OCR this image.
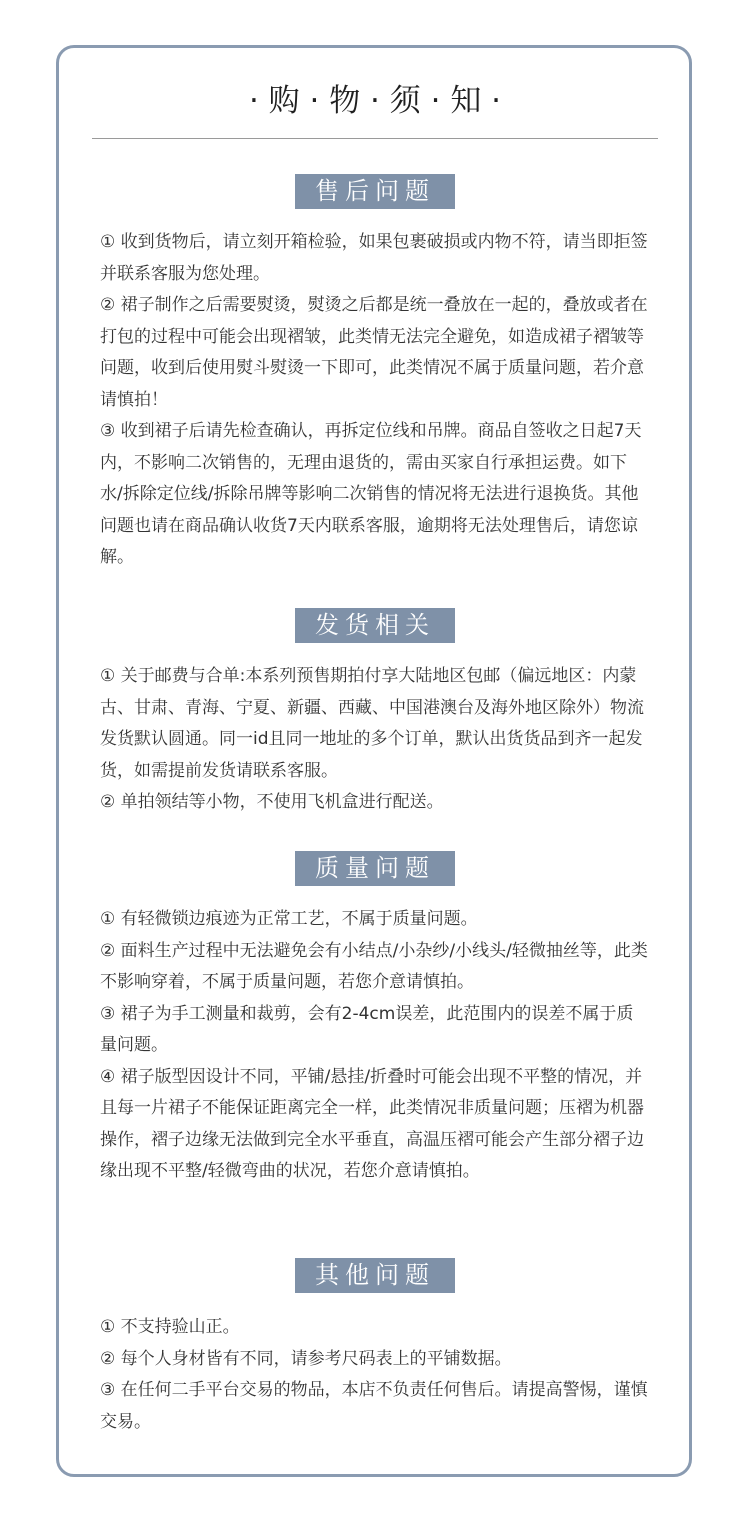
· 购 · 物 · 须 · 知 ·
售后问题
① 收到货物后，请立刻开箱检验，如果包裹破损或内物不符，请当即拒签并联系客服为您处理。
② 裙子制作之后需要熨烫，熨烫之后都是统一叠放在一起的，叠放或者在打包的过程中可能会出现褶皱，此类情无法完全避免，如造成裙子褶皱等问题，收到后使用熨斗熨烫一下即可，此类情况不属于质量问题，若介意请慎拍！
③ 收到裙子后请先检查确认，再拆定位线和吊牌。商品自签收之日起7天内，不影响二次销售的，无理由退货的，需由买家自行承担运费。如下水/拆除定位线/拆除吊牌等影响二次销售的情况将无法进行退换货。其他问题也请在商品确认收货7天内联系客服，逾期将无法处理售后，请您谅解。
发货相关
① 关于邮费与合单:本系列预售期拍付享大陆地区包邮（偏远地区：内蒙古、甘肃、青海、宁夏、新疆、西藏、中国港澳台及海外地区除外）物流发货默认圆通。同一id且同一地址的多个订单，默认出货货品到齐一起发货，如需提前发货请联系客服。
② 单拍领结等小物，不使用飞机盒进行配送。
质量问题
① 有轻微锁边痕迹为正常工艺，不属于质量问题。
② 面料生产过程中无法避免会有小结点/小杂纱/小线头/轻微抽丝等，此类不影响穿着，不属于质量问题，若您介意请慎拍。
③ 裙子为手工测量和裁剪，会有2-4cm误差，此范围内的误差不属于质量问题。
④ 裙子版型因设计不同，平铺/悬挂/折叠时可能会出现不平整的情况，并且每一片裙子不能保证距离完全一样，此类情况非质量问题；压褶为机器操作，褶子边缘无法做到完全水平垂直，高温压褶可能会产生部分褶子边缘出现不平整/轻微弯曲的状况，若您介意请慎拍。
其他问题
① 不支持验山正。
② 每个人身材皆有不同，请参考尺码表上的平铺数据。
③ 在任何二手平台交易的物品，本店不负责任何售后。请提高警惕，谨慎交易。
